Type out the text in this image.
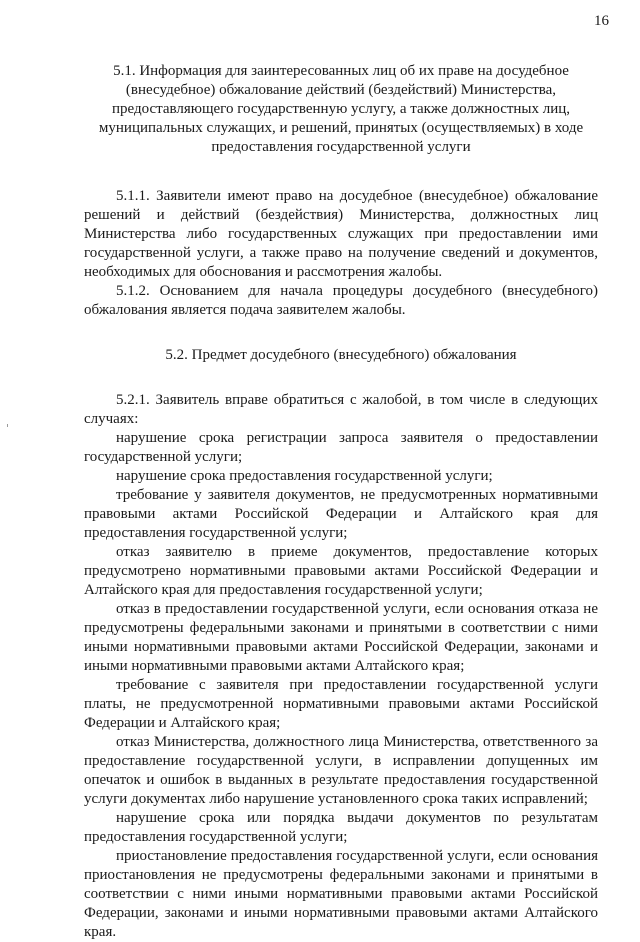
16

5.1. Информация для заинтересованных лиц об их праве на досудебное (внесудебное) обжалование действий (бездействий) Министерства, предоставляющего государственную услугу, а также должностных лиц, муниципальных служащих, и решений, принятых (осуществляемых) в ходе предоставления государственной услуги

5.1.1. Заявители имеют право на досудебное (внесудебное) обжалование решений и действий (бездействия) Министерства, должностных лиц Министерства либо государственных служащих при предоставлении ими государственной услуги, а также право на получение сведений и документов, необходимых для обоснования и рассмотрения жалобы.

5.1.2. Основанием для начала процедуры досудебного (внесудебного) обжалования является подача заявителем жалобы.

5.2. Предмет досудебного (внесудебного) обжалования

5.2.1. Заявитель вправе обратиться с жалобой, в том числе в следующих случаях:

нарушение срока регистрации запроса заявителя о предоставлении государственной услуги;

нарушение срока предоставления государственной услуги;

требование у заявителя документов, не предусмотренных нормативными правовыми актами Российской Федерации и Алтайского края для предоставления государственной услуги;

отказ заявителю в приеме документов, предоставление которых предусмотрено нормативными правовыми актами Российской Федерации и Алтайского края для предоставления государственной услуги;

отказ в предоставлении государственной услуги, если основания отказа не предусмотрены федеральными законами и принятыми в соответствии с ними иными нормативными правовыми актами Российской Федерации, законами и иными нормативными правовыми актами Алтайского края;

требование с заявителя при предоставлении государственной услуги платы, не предусмотренной нормативными правовыми актами Российской Федерации и Алтайского края;

отказ Министерства, должностного лица Министерства, ответственного за предоставление государственной услуги, в исправлении допущенных им опечаток и ошибок в выданных в результате предоставления государственной услуги документах либо нарушение установленного срока таких исправлений;

нарушение срока или порядка выдачи документов по результатам предоставления государственной услуги;

приостановление предоставления государственной услуги, если основания приостановления не предусмотрены федеральными законами и принятыми в соответствии с ними иными нормативными правовыми актами Российской Федерации, законами и иными нормативными правовыми актами Алтайского края.
